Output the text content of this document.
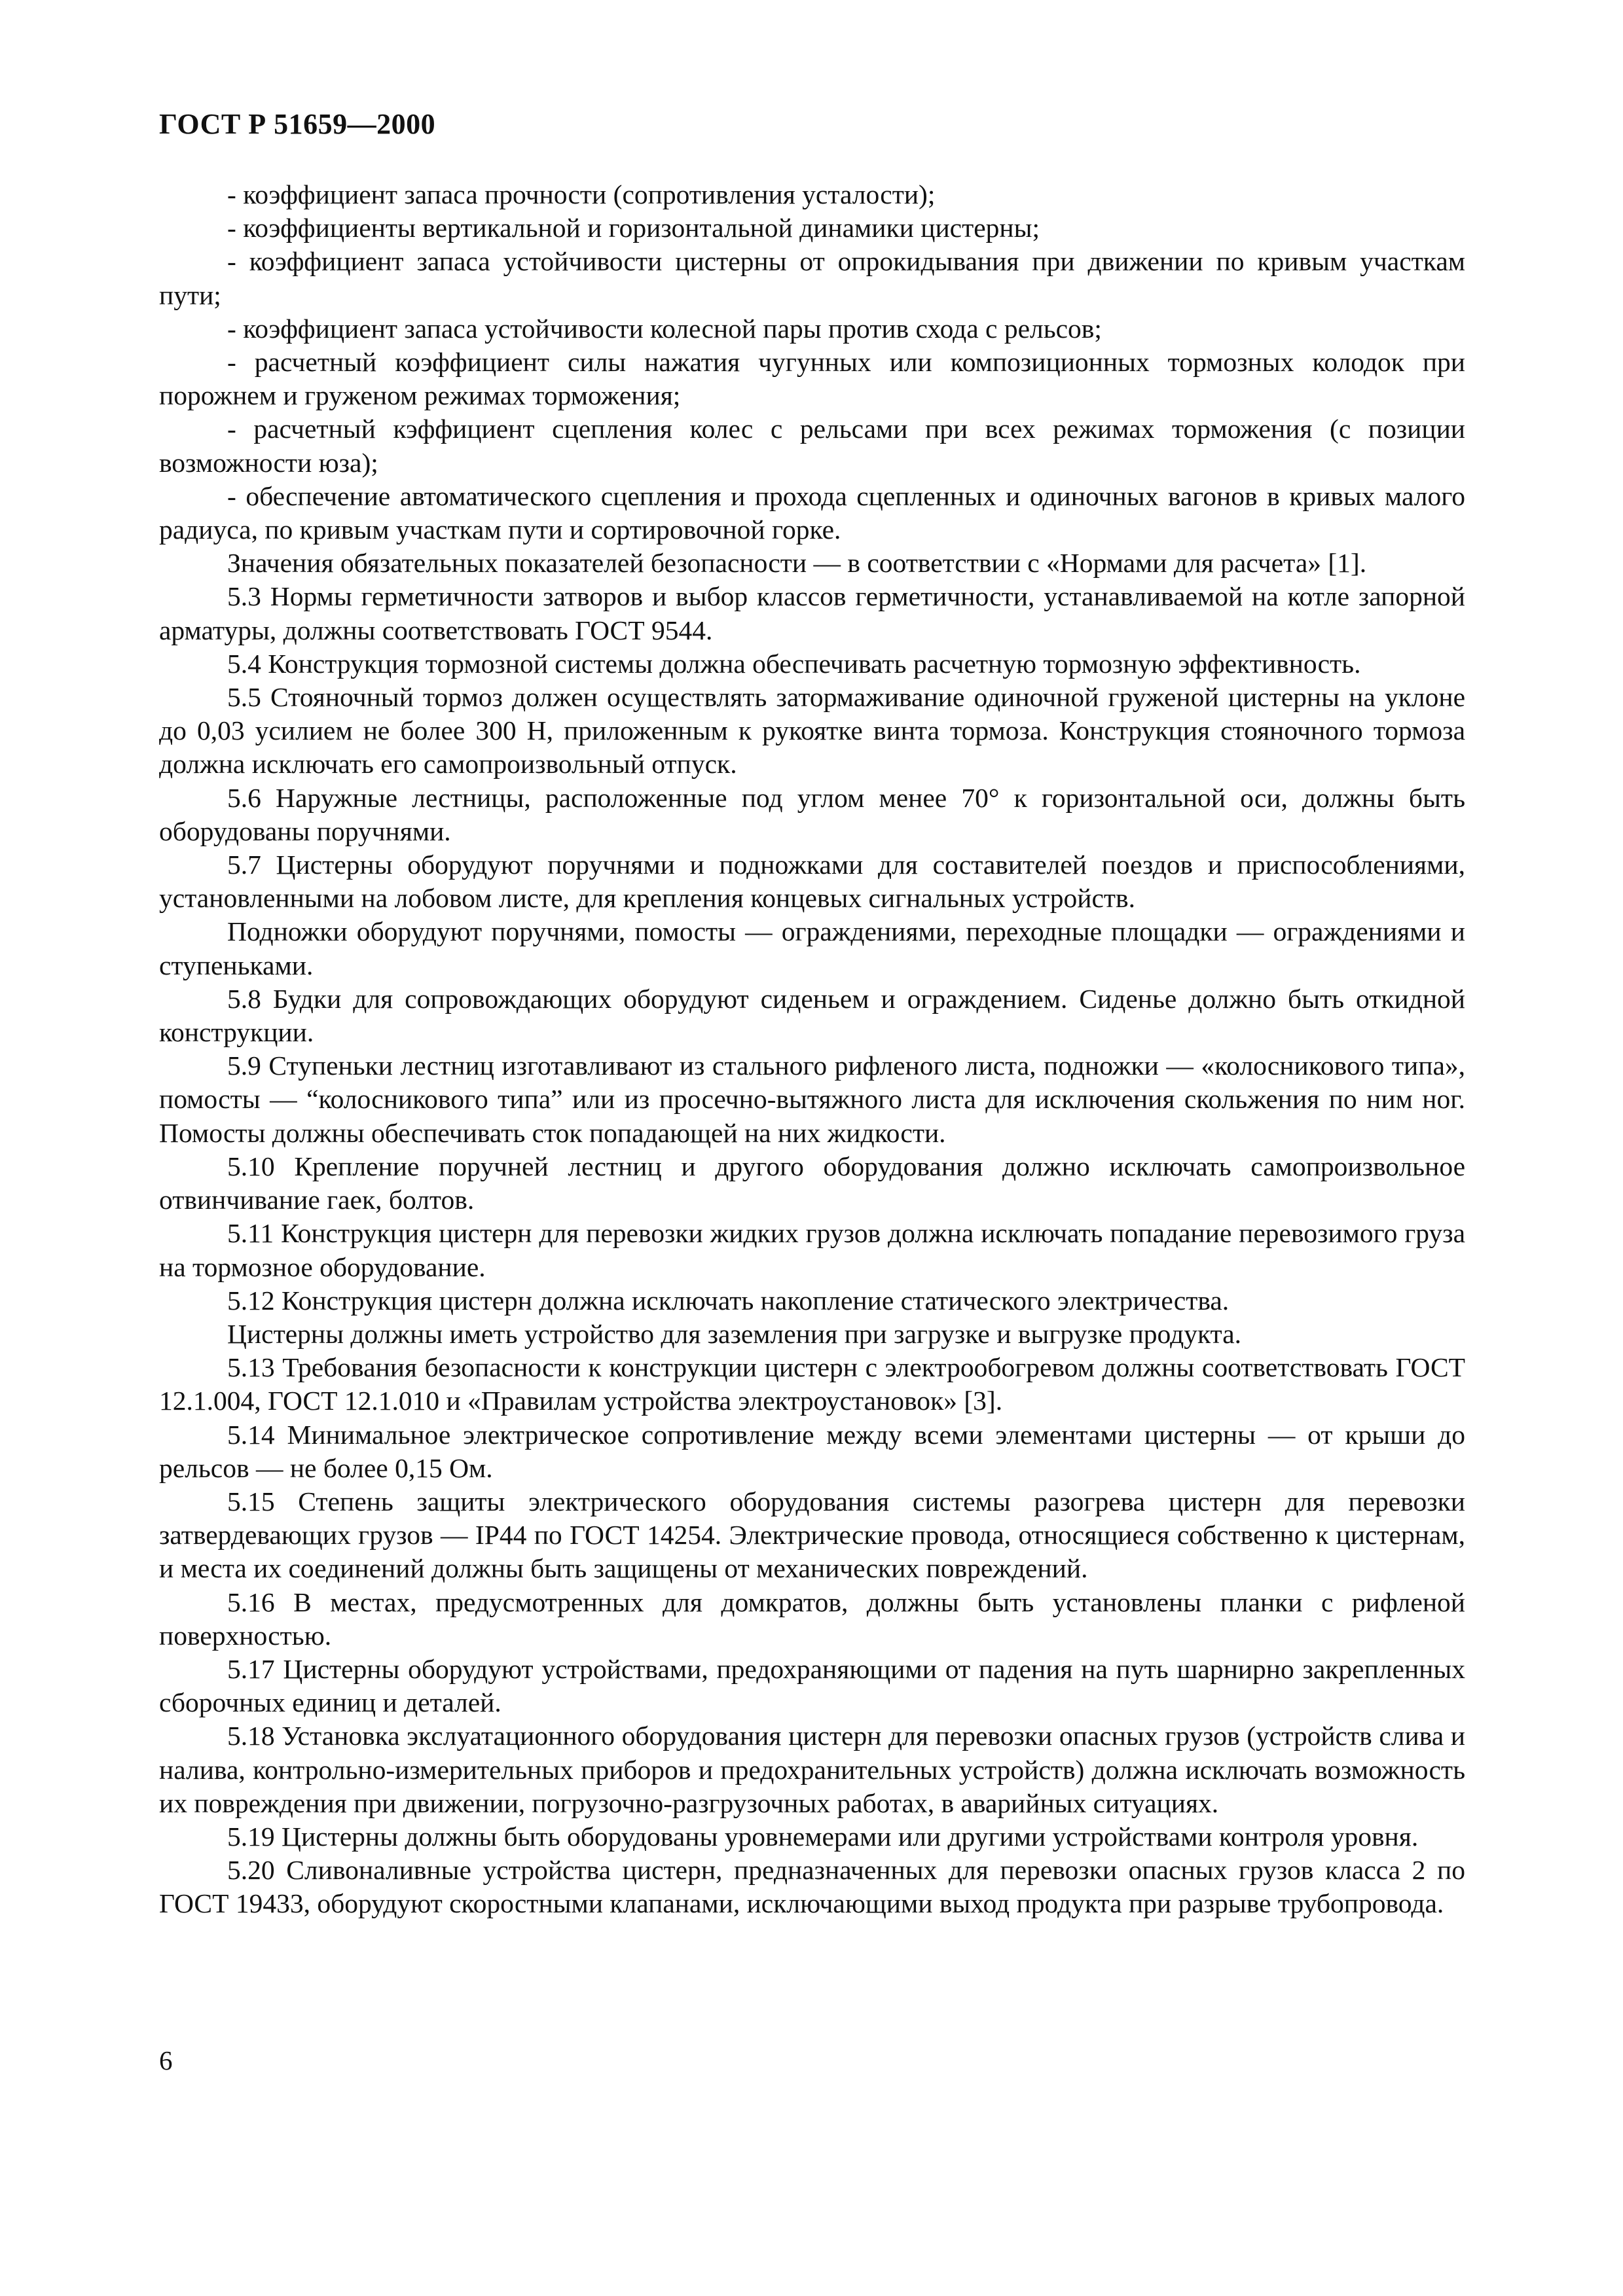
ГОСТ Р 51659—2000

- коэффициент запаса прочности (сопротивления усталости);

- коэффициенты вертикальной и горизонтальной динамики цистерны;

- коэффициент запаса устойчивости цистерны от опрокидывания при движении по кривым участкам пути;

- коэффициент запаса устойчивости колесной пары против схода с рельсов;

- расчетный коэффициент силы нажатия чугунных или композиционных тормозных колодок при порожнем и груженом режимах торможения;

- расчетный кэффициент сцепления колес с рельсами при всех режимах торможения (с позиции возможности юза);

- обеспечение автоматического сцепления и прохода сцепленных и одиночных вагонов в кривых малого радиуса, по кривым участкам пути и сортировочной горке.

Значения обязательных показателей безопасности — в соответствии с «Нормами для расчета» [1].

5.3 Нормы герметичности затворов и выбор классов герметичности, устанавливаемой на котле запорной арматуры, должны соответствовать ГОСТ 9544.

5.4 Конструкция тормозной системы должна обеспечивать расчетную тормозную эффективность.

5.5 Стояночный тормоз должен осуществлять затормаживание одиночной груженой цистерны на уклоне до 0,03 усилием не более 300 Н, приложенным к рукоятке винта тормоза. Конструкция стояночного тормоза должна исключать его самопроизвольный отпуск.

5.6 Наружные лестницы, расположенные под углом менее 70° к горизонтальной оси, должны быть оборудованы поручнями.

5.7 Цистерны оборудуют поручнями и подножками для составителей поездов и приспособлениями, установленными на лобовом листе, для крепления концевых сигнальных устройств.

Подножки оборудуют поручнями, помосты — ограждениями, переходные площадки — ограждениями и ступеньками.

5.8 Будки для сопровождающих оборудуют сиденьем и ограждением. Сиденье должно быть откидной конструкции.

5.9 Ступеньки лестниц изготавливают из стального рифленого листа, подножки — «колосникового типа», помосты — “колосникового типа” или из просечно-вытяжного листа для исключения скольжения по ним ног. Помосты должны обеспечивать сток попадающей на них жидкости.

5.10 Крепление поручней лестниц и другого оборудования должно исключать самопроизвольное отвинчивание гаек, болтов.

5.11 Конструкция цистерн для перевозки жидких грузов должна исключать попадание перевозимого груза на тормозное оборудование.

5.12 Конструкция цистерн должна исключать накопление статического электричества.

Цистерны должны иметь устройство для заземления при загрузке и выгрузке продукта.

5.13 Требования безопасности к конструкции цистерн с электрообогревом должны соответствовать ГОСТ 12.1.004, ГОСТ 12.1.010 и «Правилам устройства электроустановок» [3].

5.14 Минимальное электрическое сопротивление между всеми элементами цистерны — от крыши до рельсов — не более 0,15 Ом.

5.15 Степень защиты электрического оборудования системы разогрева цистерн для перевозки затвердевающих грузов — IP44 по ГОСТ 14254. Электрические провода, относящиеся собственно к цистернам, и места их соединений должны быть защищены от механических повреждений.

5.16 В местах, предусмотренных для домкратов, должны быть установлены планки с рифленой поверхностью.

5.17 Цистерны оборудуют устройствами, предохраняющими от падения на путь шарнирно закрепленных сборочных единиц и деталей.

5.18 Установка экслуатационного оборудования цистерн для перевозки опасных грузов (устройств слива и налива, контрольно-измерительных приборов и предохранительных устройств) должна исключать возможность их повреждения при движении, погрузочно-разгрузочных работах, в аварийных ситуациях.

5.19 Цистерны должны быть оборудованы уровнемерами или другими устройствами контроля уровня.

5.20 Сливоналивные устройства цистерн, предназначенных для перевозки опасных грузов класса 2 по ГОСТ 19433, оборудуют скоростными клапанами, исключающими выход продукта при разрыве трубопровода.

6
